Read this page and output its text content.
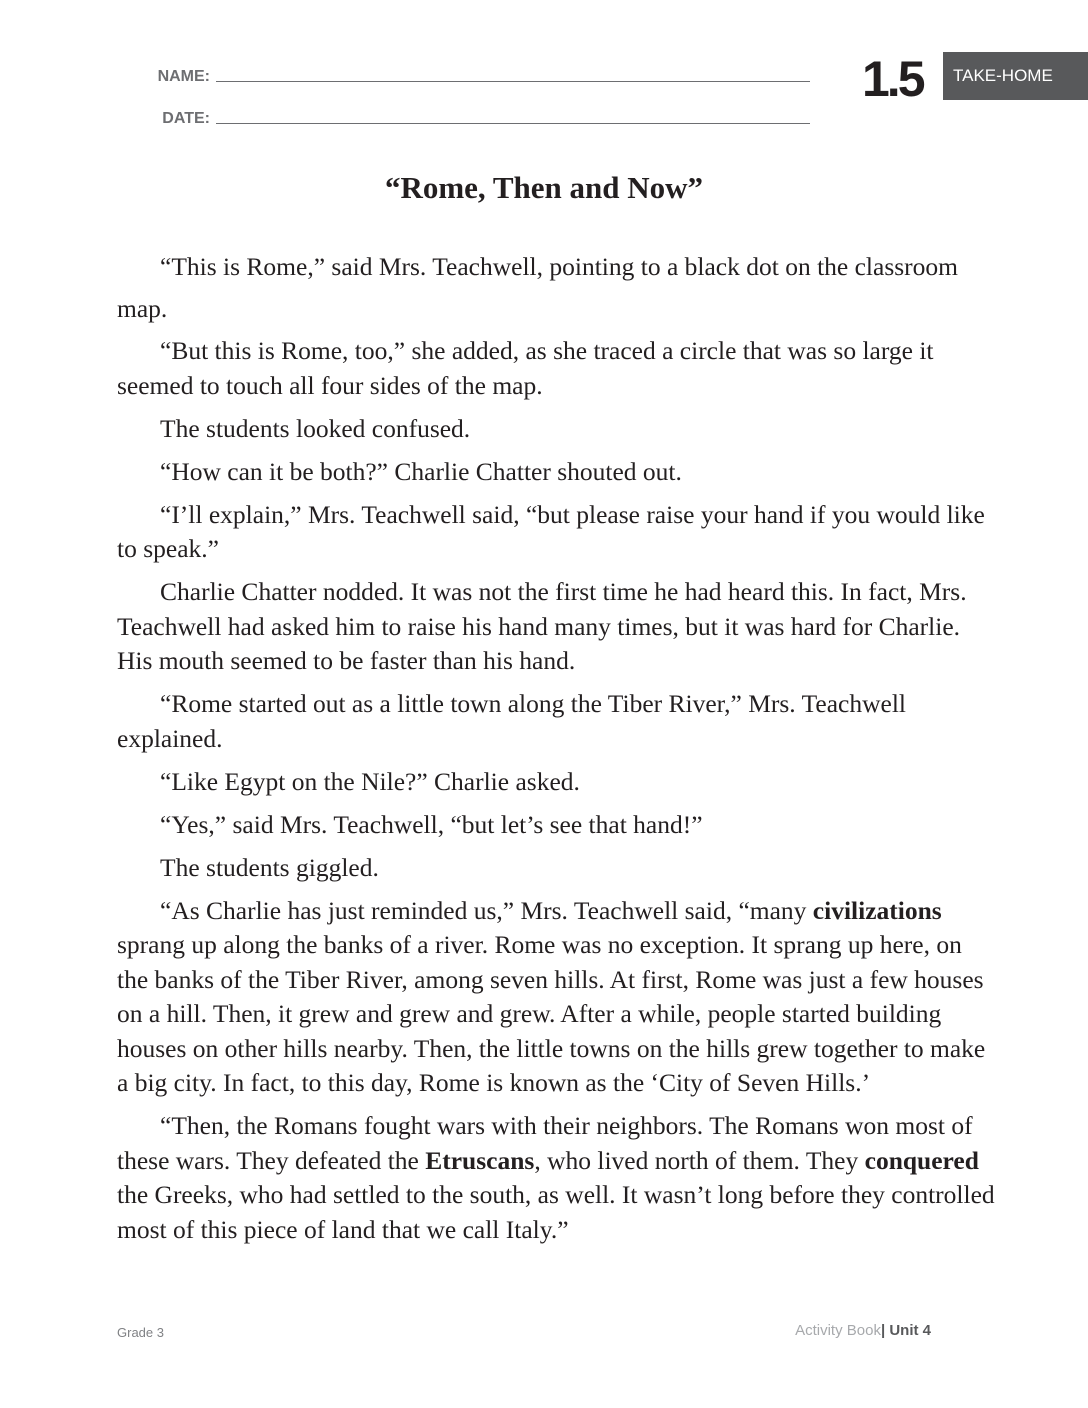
NAME:
DATE:
1.5	TAKE-HOME
“Rome, Then and Now”

“This is Rome,” said Mrs. Teachwell, pointing to a black dot on the classroom map.

“But this is Rome, too,” she added, as she traced a circle that was so large it seemed to touch all four sides of the map.

The students looked confused.

“How can it be both?” Charlie Chatter shouted out.

“I’ll explain,” Mrs. Teachwell said, “but please raise your hand if you would like to speak.”

Charlie Chatter nodded. It was not the first time he had heard this. In fact, Mrs. Teachwell had asked him to raise his hand many times, but it was hard for Charlie. His mouth seemed to be faster than his hand.

“Rome started out as a little town along the Tiber River,” Mrs. Teachwell explained.

“Like Egypt on the Nile?” Charlie asked.

“Yes,” said Mrs. Teachwell, “but let’s see that hand!”

The students giggled.

“As Charlie has just reminded us,” Mrs. Teachwell said, “many civilizations sprang up along the banks of a river. Rome was no exception. It sprang up here, on the banks of the Tiber River, among seven hills. At first, Rome was just a few houses on a hill. Then, it grew and grew and grew. After a while, people started building houses on other hills nearby. Then, the little towns on the hills grew together to make a big city. In fact, to this day, Rome is known as the ‘City of Seven Hills.’

“Then, the Romans fought wars with their neighbors. The Romans won most of these wars. They defeated the Etruscans, who lived north of them. They conquered the Greeks, who had settled to the south, as well. It wasn’t long before they controlled most of this piece of land that we call Italy.”

Grade 3	Activity Book| Unit 4
